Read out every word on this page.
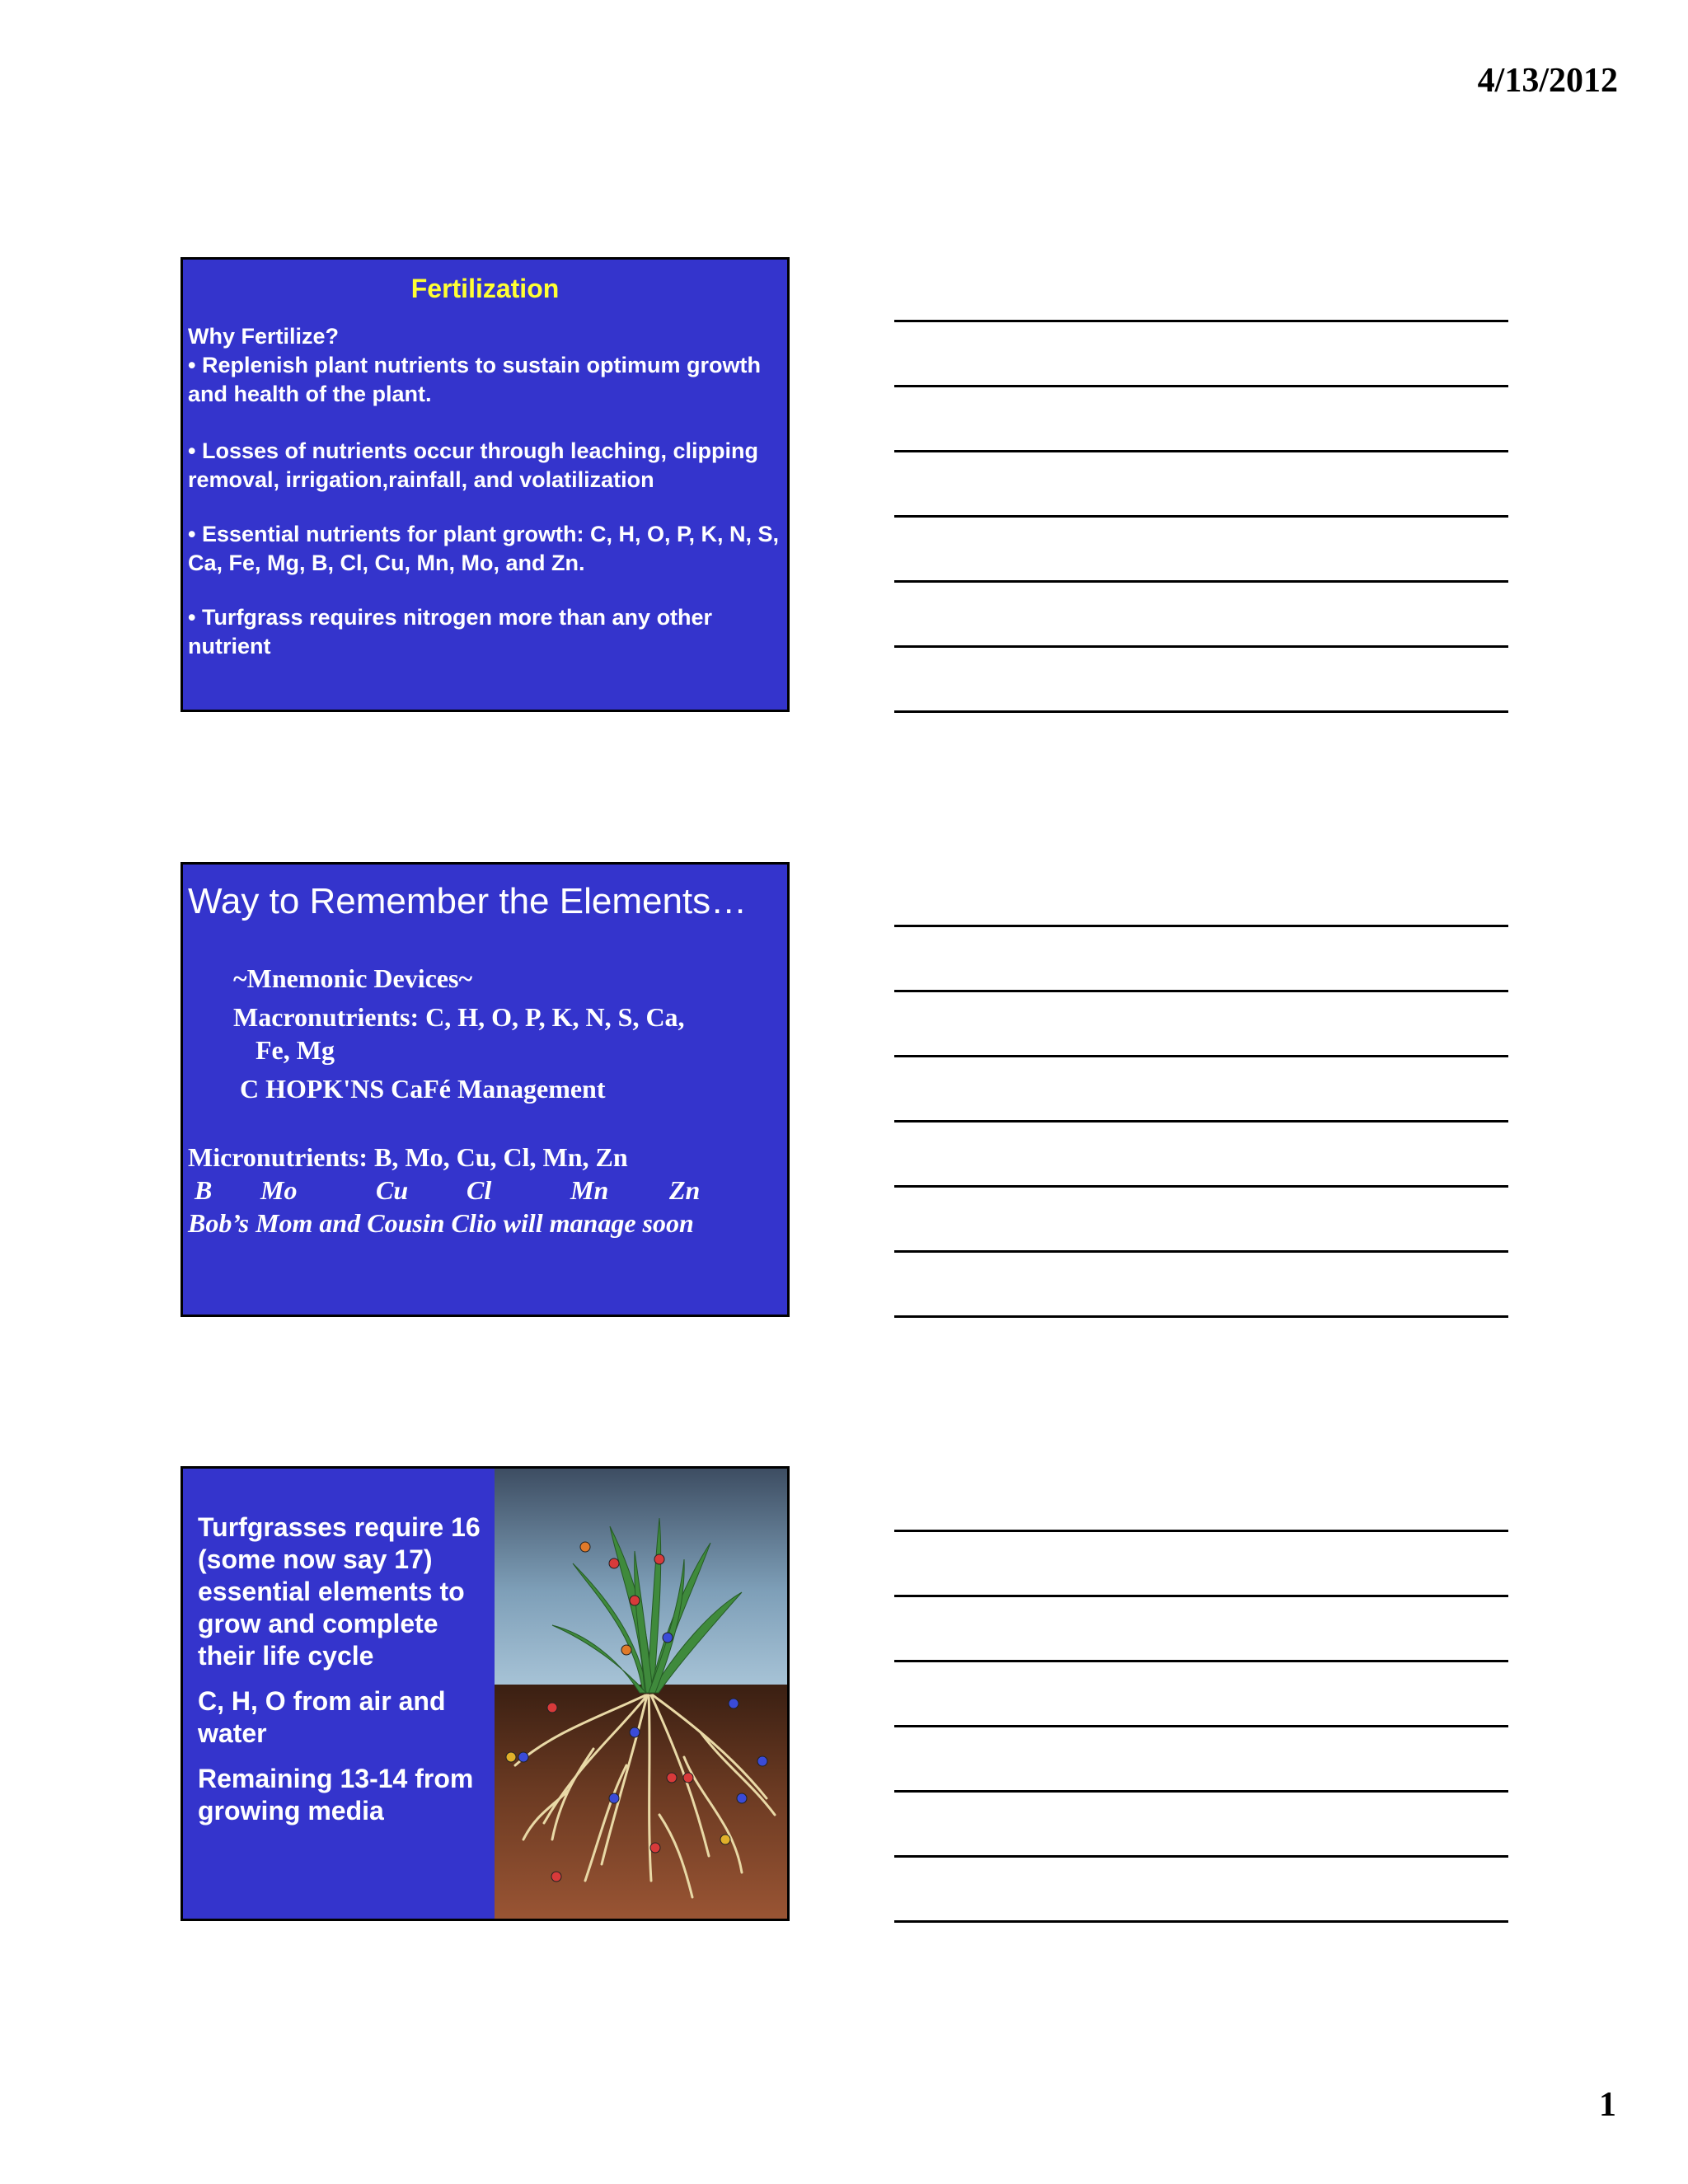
4/13/2012
Fertilization

Why Fertilize?

• Replenish plant nutrients to sustain optimum growth and health of the plant.

• Losses of nutrients occur through leaching, clipping removal, irrigation,rainfall, and volatilization

• Essential nutrients for plant growth: C, H, O, P, K, N, S, Ca, Fe, Mg, B, Cl, Cu, Mn, Mo, and Zn.

• Turfgrass requires nitrogen more than any other nutrient

Way to Remember the Elements…

~Mnemonic Devices~

Macronutrients: C, H, O, P, K, N, S, Ca,

Fe, Mg

C HOPK'NS CaFé Management

Micronutrients: B, Mo, Cu, Cl, Mn, Zn

B Mo	Cu Cl	Mn Zn

Bob’s Mom and Cousin Clio will manage soon

Turfgrasses require 16 (some now say 17) essential elements to grow and complete their life cycle

C, H, O from air and water

Remaining 13-14 from growing media

1
